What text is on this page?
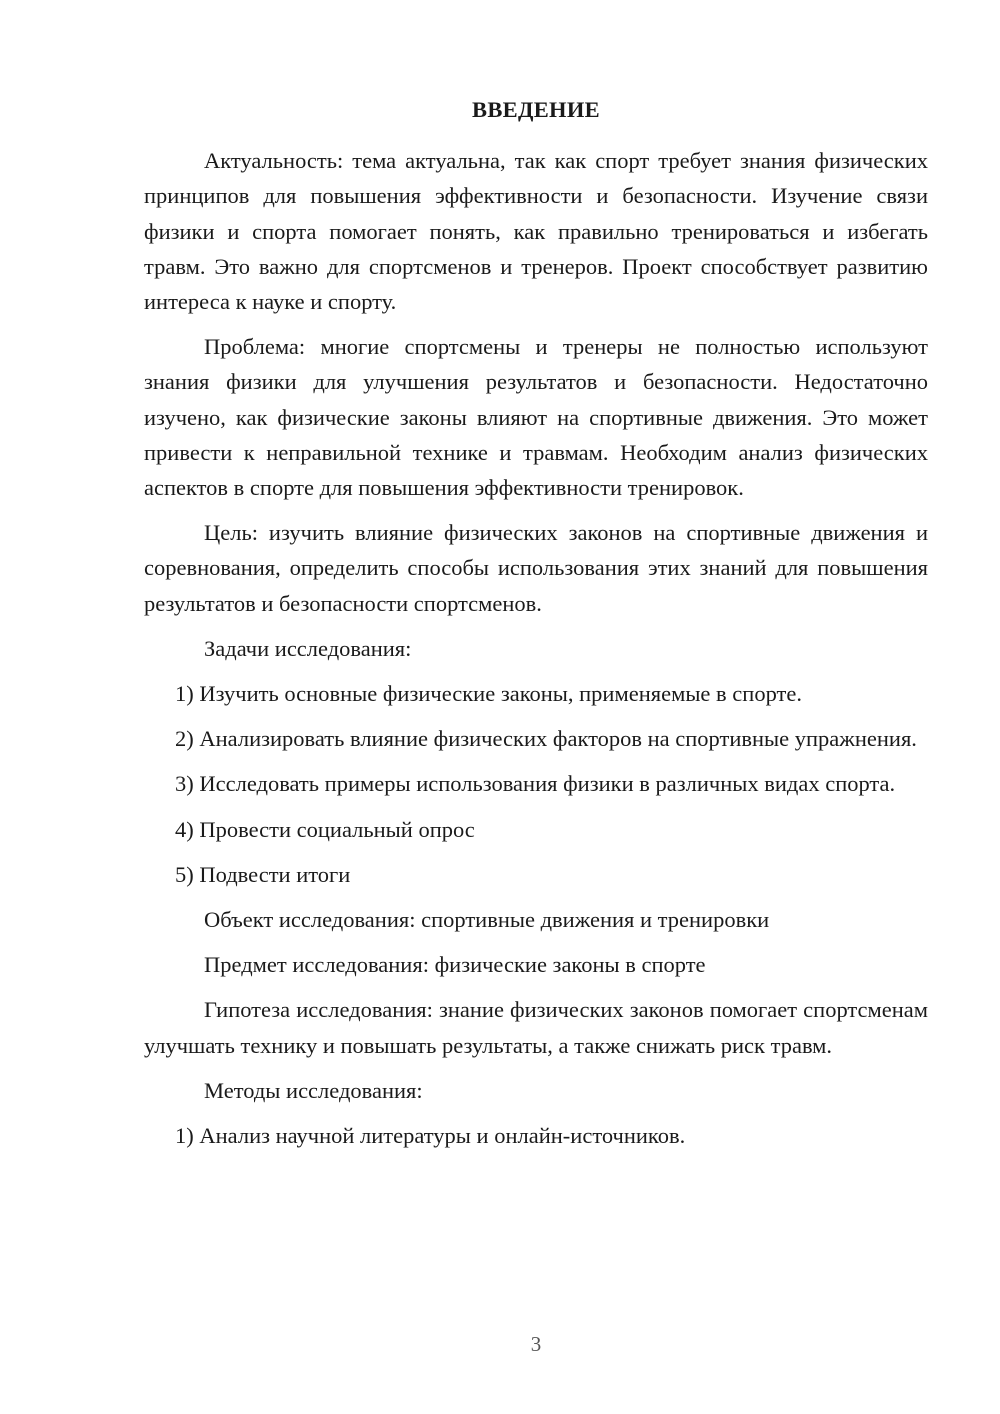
ВВЕДЕНИЕ

Актуальность: тема актуальна, так как спорт требует знания физических принципов для повышения эффективности и безопасности. Изучение связи физики и спорта помогает понять, как правильно тренироваться и избегать травм. Это важно для спортсменов и тренеров. Проект способствует развитию интереса к науке и спорту.

Проблема: многие спортсмены и тренеры не полностью используют знания физики для улучшения результатов и безопасности. Недостаточно изучено, как физические законы влияют на спортивные движения. Это может привести к неправильной технике и травмам. Необходим анализ физических аспектов в спорте для повышения эффективности тренировок.

Цель: изучить влияние физических законов на спортивные движения и соревнования, определить способы использования этих знаний для повышения результатов и безопасности спортсменов.

Задачи исследования:

1) Изучить основные физические законы, применяемые в спорте.

2) Анализировать влияние физических факторов на спортивные упражнения.

3) Исследовать примеры использования физики в различных видах спорта.

4) Провести социальный опрос

5) Подвести итоги

Объект исследования: спортивные движения и тренировки

Предмет исследования: физические законы в спорте

Гипотеза исследования: знание физических законов помогает спортсменам улучшать технику и повышать результаты, а также снижать риск травм.

Методы исследования:

1) Анализ научной литературы и онлайн-источников.

3
